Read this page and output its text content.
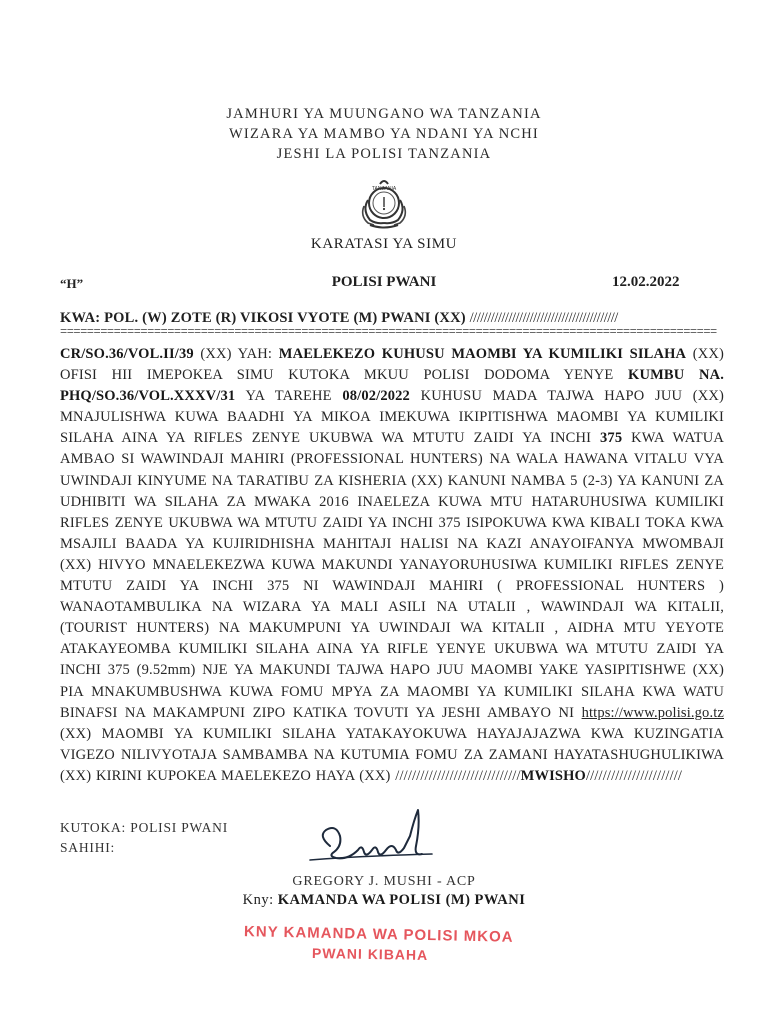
JAMHURI YA MUUNGANO WA TANZANIA
WIZARA YA MAMBO YA NDANI YA NCHI
JESHI LA POLISI TANZANIA
TANZANIA
KARATASI YA SIMU
“H”	POLISI PWANI	12.02.2022
KWA: POL. (W) ZOTE (R) VIKOSI VYOTE (M) PWANI (XX) //////////////////////////////////////////
==================================================================================================
CR/SO.36/VOL.II/39 (XX) YAH: MAELEKEZO KUHUSU MAOMBI YA KUMILIKI SILAHA (XX) OFISI HII IMEPOKEA SIMU KUTOKA MKUU POLISI DODOMA YENYE KUMBU NA. PHQ/SO.36/VOL.XXXV/31 YA TAREHE 08/02/2022 KUHUSU MADA TAJWA HAPO JUU (XX) MNAJULISHWA KUWA BAADHI YA MIKOA IMEKUWA IKIPITISHWA MAOMBI YA KUMILIKI SILAHA AINA YA RIFLES ZENYE UKUBWA WA MTUTU ZAIDI YA INCHI 375 KWA WATUA AMBAO SI WAWINDAJI MAHIRI (PROFESSIONAL HUNTERS) NA WALA HAWANA VITALU VYA UWINDAJI KINYUME NA TARATIBU ZA KISHERIA (XX) KANUNI NAMBA 5 (2-3) YA KANUNI ZA UDHIBITI WA SILAHA ZA MWAKA 2016 INAELEZA KUWA MTU HATARUHUSIWA KUMILIKI RIFLES ZENYE UKUBWA WA MTUTU ZAIDI YA INCHI 375 ISIPOKUWA KWA KIBALI TOKA KWA MSAJILI BAADA YA KUJIRIDHISHA MAHITAJI HALISI NA KAZI ANAYOIFANYA MWOMBAJI (XX) HIVYO MNAELEKEZWA KUWA MAKUNDI YANAYORUHUSIWA KUMILIKI RIFLES ZENYE MTUTU ZAIDI YA INCHI 375 NI WAWINDAJI MAHIRI ( PROFESSIONAL HUNTERS ) WANAOTAMBULIKA NA WIZARA YA MALI ASILI NA UTALII , WAWINDAJI WA KITALII, (TOURIST HUNTERS) NA MAKUMPUNI YA UWINDAJI WA KITALII , AIDHA MTU YEYOTE ATAKAYEOMBA KUMILIKI SILAHA AINA YA RIFLE YENYE UKUBWA WA MTUTU ZAIDI YA INCHI 375 (9.52mm) NJE YA MAKUNDI TAJWA HAPO JUU MAOMBI YAKE YASIPITISHWE (XX) PIA MNAKUMBUSHWA KUWA FOMU MPYA ZA MAOMBI YA KUMILIKI SILAHA KWA WATU BINAFSI NA MAKAMPUNI ZIPO KATIKA TOVUTI YA JESHI AMBAYO NI https://www.polisi.go.tz (XX) MAOMBI YA KUMILIKI SILAHA YATAKAYOKUWA HAYAJAJAZWA KWA KUZINGATIA VIGEZO NILIVYOTAJA SAMBAMBA NA KUTUMIA FOMU ZA ZAMANI HAYATASHUGHULIKIWA (XX) KIRINI KUPOKEA MAELEKEZO HAYA (XX) //////////////////////////////MWISHO///////////////////////
KUTOKA: POLISI PWANI
SAHIHI:
GREGORY J. MUSHI - ACP
Kny: KAMANDA WA POLISI (M) PWANI
KNY KAMANDA WA POLISI MKOA
PWANI KIBAHA
